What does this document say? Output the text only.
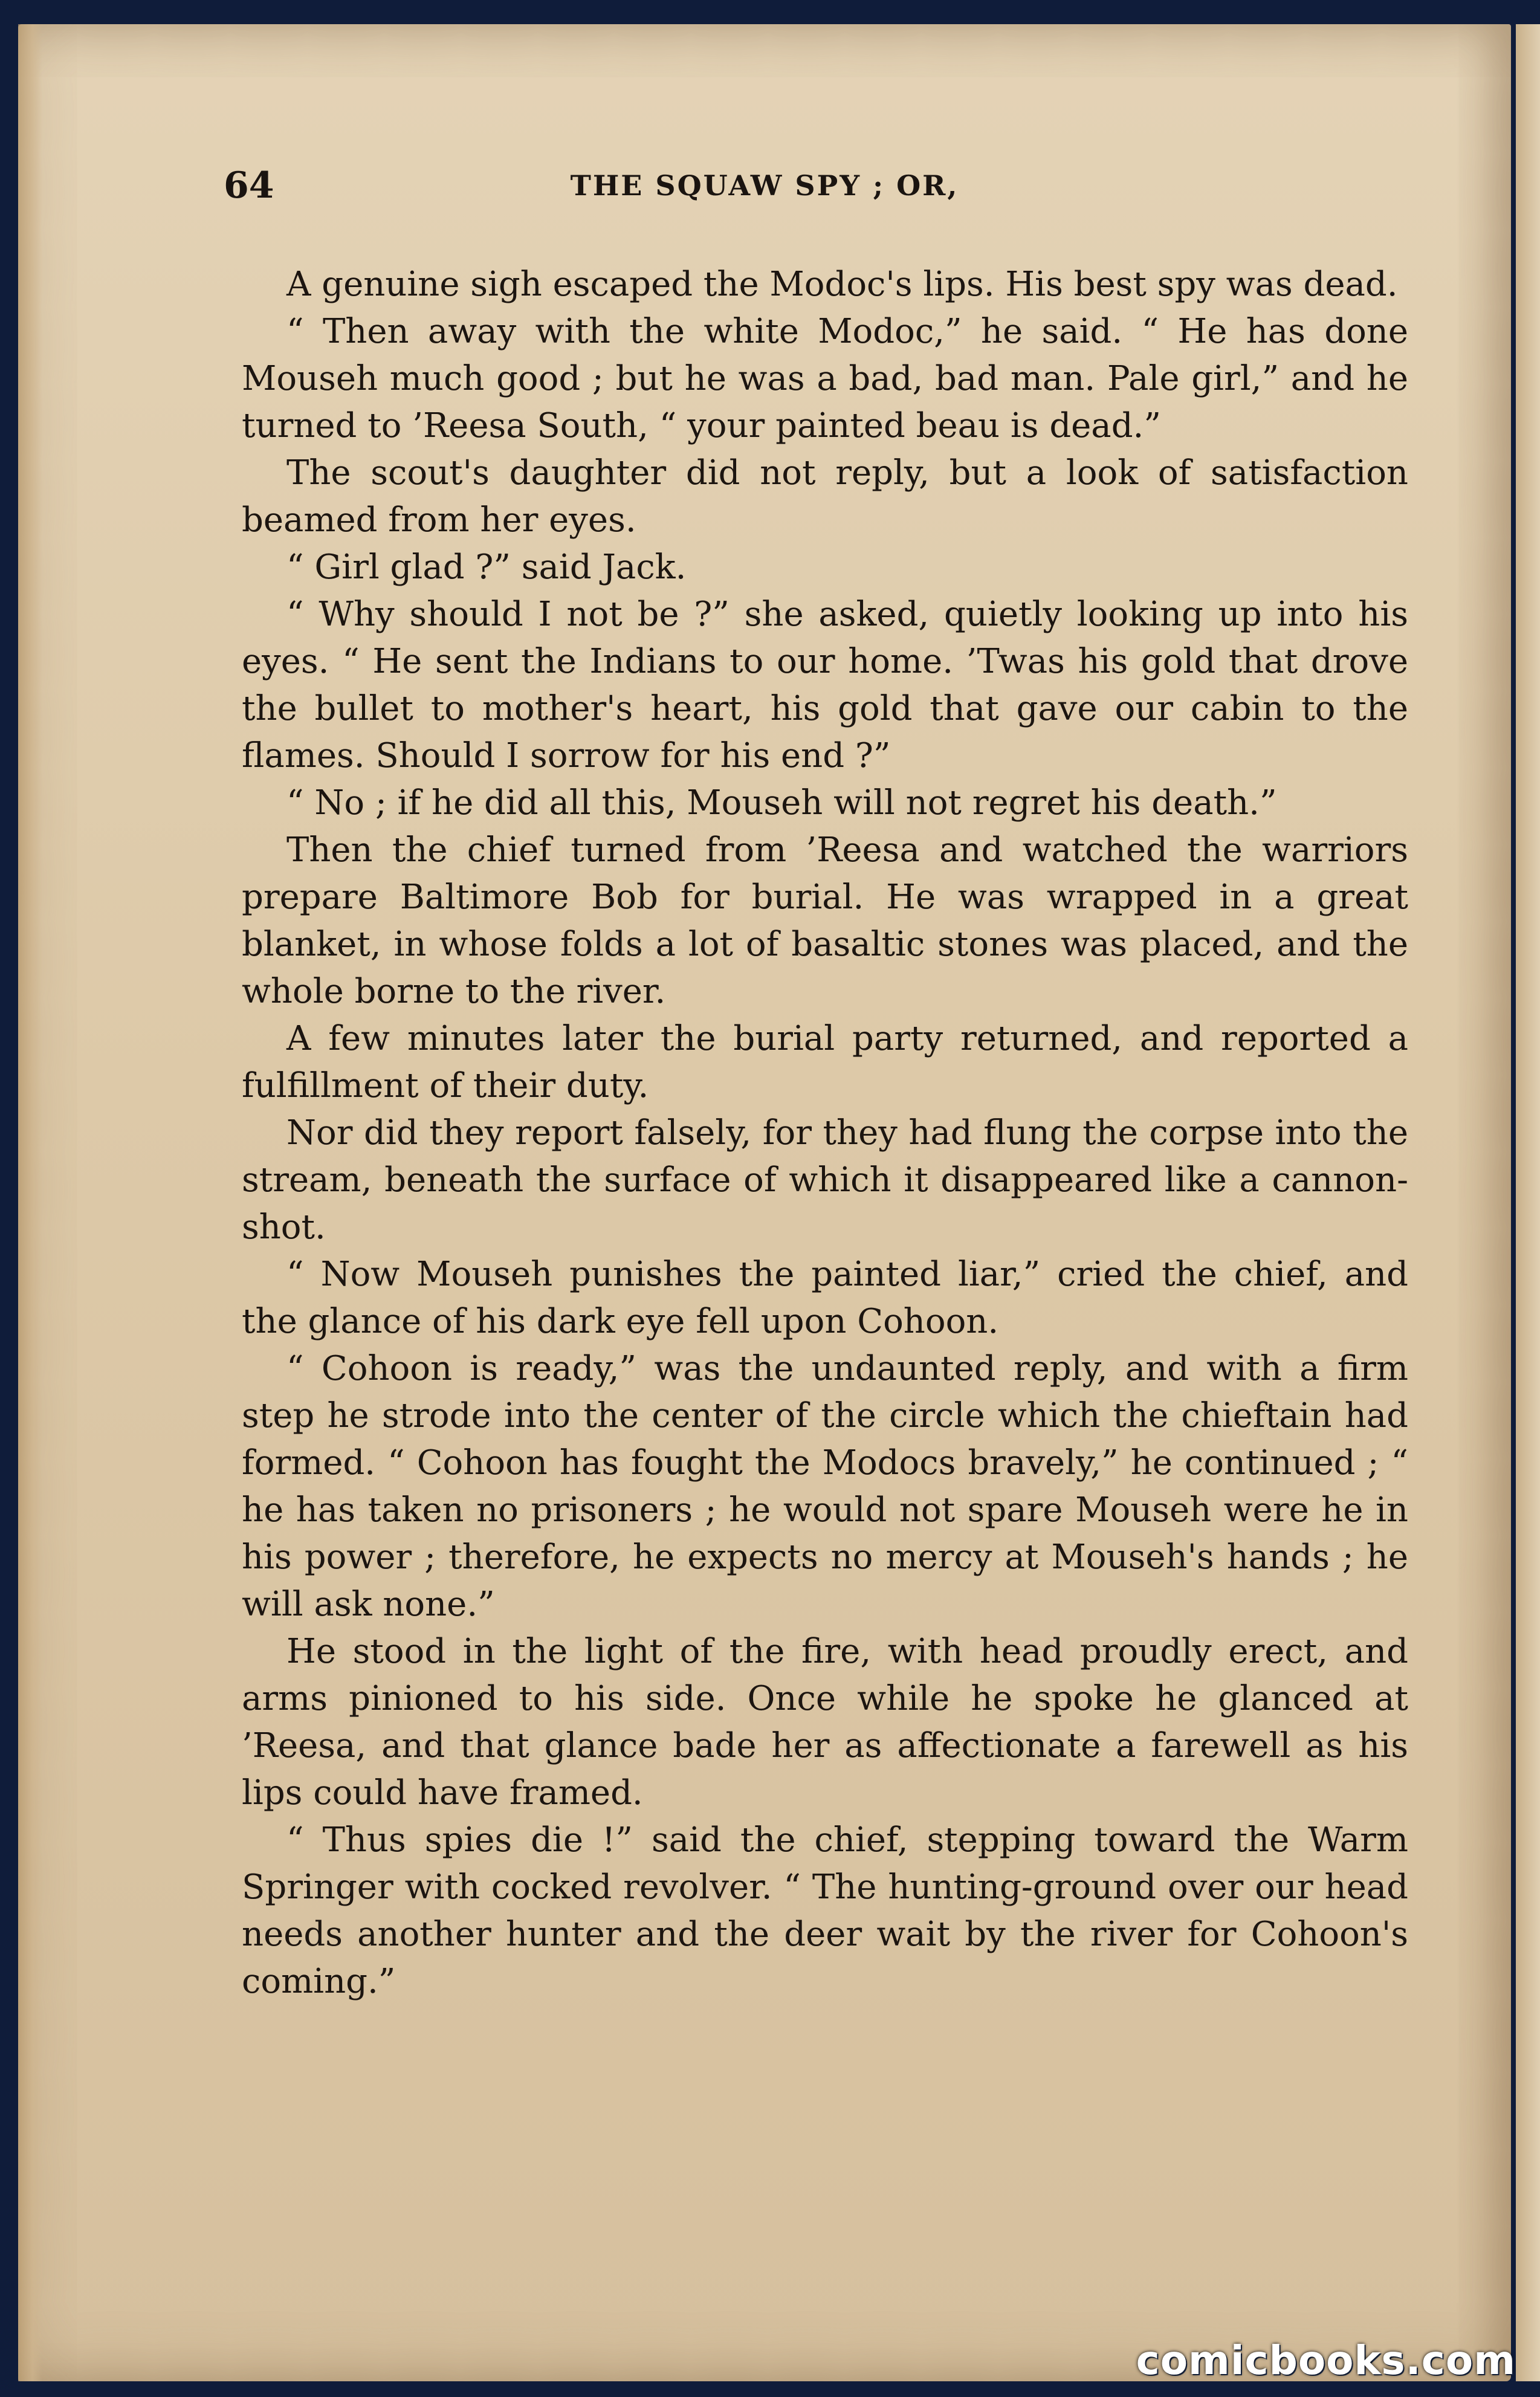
64	THE SQUAW SPY ; OR,

A genuine sigh escaped the Modoc's lips. His best spy was dead.

“ Then away with the white Modoc,” he said. “ He has done Mouseh much good ; but he was a bad, bad man. Pale girl,” and he turned to ’Reesa South, “ your painted beau is dead.”

The scout's daughter did not reply, but a look of satisfaction beamed from her eyes.

“ Girl glad ?” said Jack.

“ Why should I not be ?” she asked, quietly looking up into his eyes. “ He sent the Indians to our home. ’Twas his gold that drove the bullet to mother's heart, his gold that gave our cabin to the flames. Should I sorrow for his end ?”

“ No ; if he did all this, Mouseh will not regret his death.”

Then the chief turned from ’Reesa and watched the warriors prepare Baltimore Bob for burial. He was wrapped in a great blanket, in whose folds a lot of basaltic stones was placed, and the whole borne to the river.

A few minutes later the burial party returned, and reported a fulfillment of their duty.

Nor did they report falsely, for they had flung the corpse into the stream, beneath the surface of which it disappeared like a cannon-shot.

“ Now Mouseh punishes the painted liar,” cried the chief, and the glance of his dark eye fell upon Cohoon.

“ Cohoon is ready,” was the undaunted reply, and with a firm step he strode into the center of the circle which the chieftain had formed. “ Cohoon has fought the Modocs bravely,” he continued ; “ he has taken no prisoners ; he would not spare Mouseh were he in his power ; therefore, he expects no mercy at Mouseh's hands ; he will ask none.”

He stood in the light of the fire, with head proudly erect, and arms pinioned to his side. Once while he spoke he glanced at ’Reesa, and that glance bade her as affectionate a farewell as his lips could have framed.

“ Thus spies die !” said the chief, stepping toward the Warm Springer with cocked revolver. “ The hunting-ground over our head needs another hunter and the deer wait by the river for Cohoon's coming.”

comicbooks.com
